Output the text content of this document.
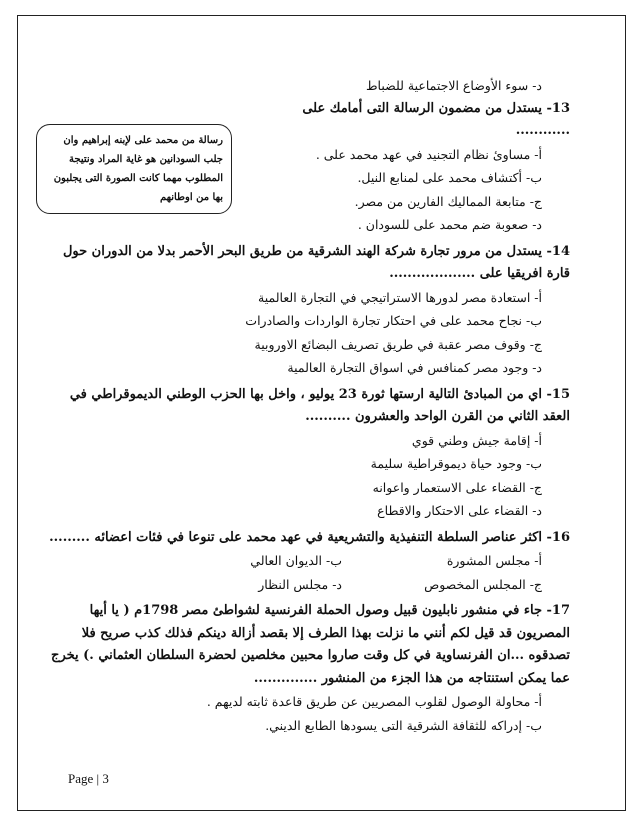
رسالة من محمد على لإبنه إبراهيم وان جلب السودانين هو غاية المراد ونتيجة المطلوب مهما كانت الصورة التى يجلبون بها من اوطانهم
د- سوء الأوضاع الاجتماعية للضباط
13- يستدل من مضمون الرسالة التى أمامك على ............
أ- مساوئ نظام التجنيد في عهد محمد على .
ب- أكتشاف محمد على لمنابع النيل.
ج- متابعة المماليك الفارين من مصر.
د- صعوبة ضم محمد على للسودان .
14- يستدل من مرور تجارة شركة الهند الشرقية من طريق البحر الأحمر بدلا من الدوران حول قارة افريقيا على ...................
أ- استعادة مصر لدورها الاستراتيجي في التجارة العالمية
ب- نجاح محمد على في احتكار تجارة الواردات والصادرات
ج- وقوف مصر عقبة في طريق تصريف البضائع الاوروبية
د- وجود مصر كمنافس في اسواق التجارة العالمية
15- اي من المبادئ التالية ارستها ثورة 23 يوليو ، واخل بها الحزب الوطني الديموقراطي في العقد الثاني من القرن الواحد والعشرون ..........
أ- إقامة جيش وطني قوي
ب- وجود حياة ديموقراطية سليمة
ج- القضاء على الاستعمار واعوانه
د- القضاء على الاحتكار والاقطاع
16- اكثر عناصر السلطة التنفيذية والتشريعية في عهد محمد على تنوعا في فئات اعضائه .........
أ- مجلس المشورة
ب- الديوان العالي
ج- المجلس المخصوص
د- مجلس النظار
17- جاء في منشور نابليون قبيل وصول الحملة الفرنسية لشواطئ مصر 1798م ( يا أيها المصريون قد قيل لكم أنني ما نزلت بهذا الطرف إلا بقصد أزالة دينكم فذلك كذب صريح فلا تصدقوه ...ان الفرنساوية في كل وقت صاروا محبين مخلصين لحضرة السلطان العثماني .) يخرج عما يمكن استنتاجه من هذا الجزء من المنشور ..............
أ- محاولة الوصول لقلوب المصريين عن طريق قاعدة ثابته لديهم .
ب- إدراكه للثقافة الشرقية التى يسودها الطابع الديني.
Page | 3
